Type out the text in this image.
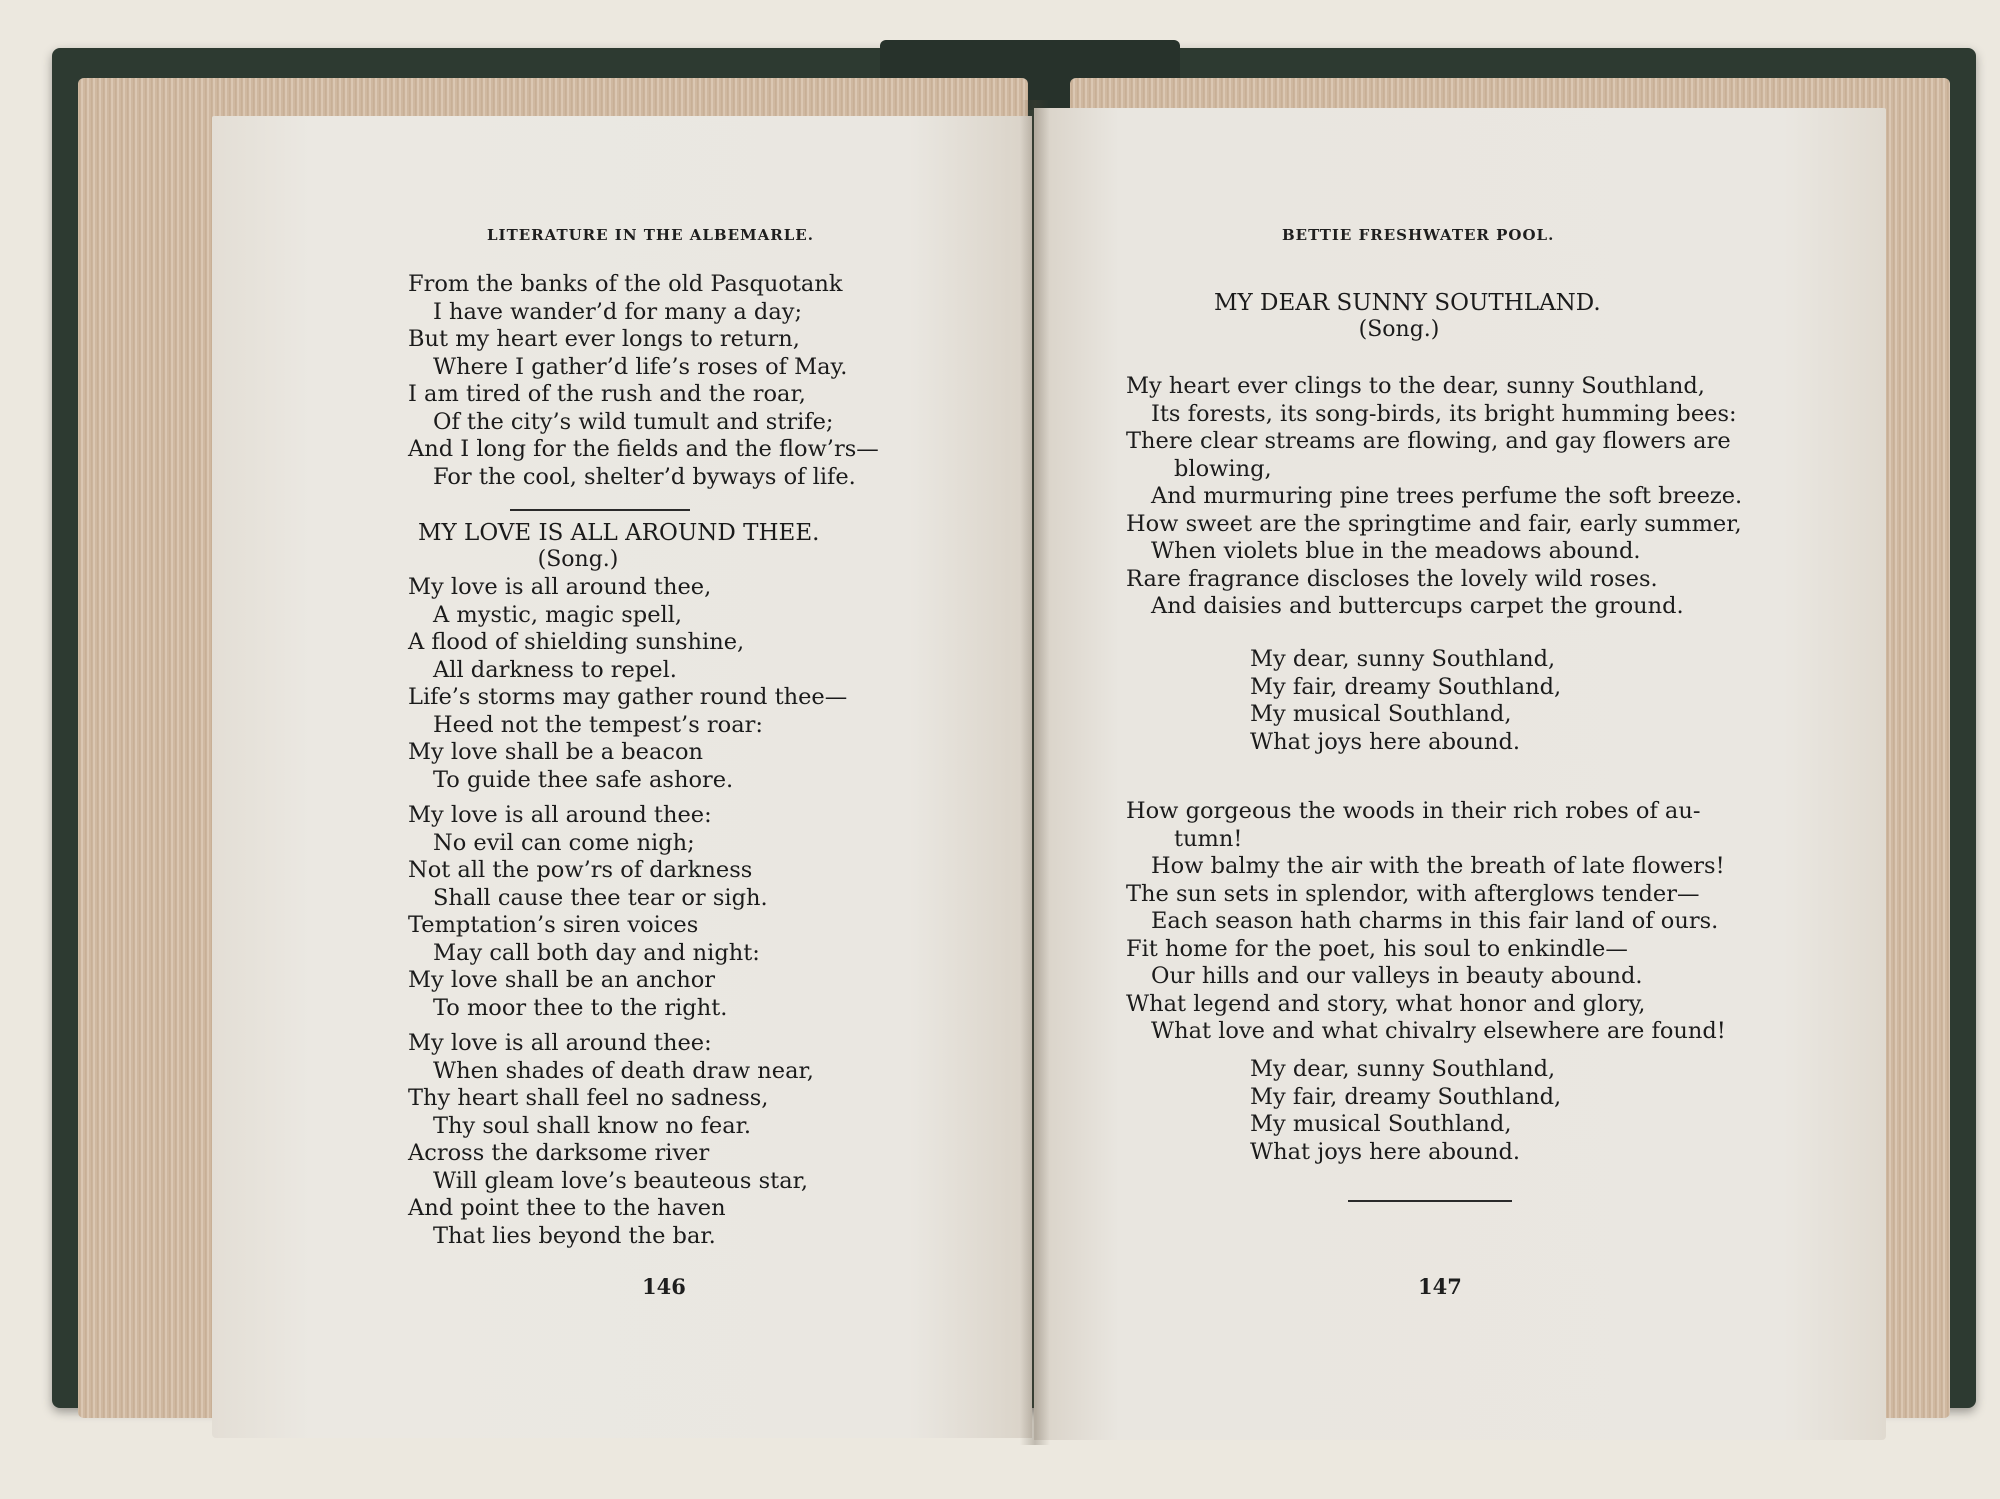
LITERATURE IN THE ALBEMARLE.
From the banks of the old Pasquotank
I have wander’d for many a day;
But my heart ever longs to return,
Where I gather’d life’s roses of May.
I am tired of the rush and the roar,
Of the city’s wild tumult and strife;
And I long for the fields and the flow’rs—
For the cool, shelter’d byways of life.
MY LOVE IS ALL AROUND THEE.
(Song.)
My love is all around thee,
A mystic, magic spell,
A flood of shielding sunshine,
All darkness to repel.
Life’s storms may gather round thee—
Heed not the tempest’s roar:
My love shall be a beacon
To guide thee safe ashore.
My love is all around thee:
No evil can come nigh;
Not all the pow’rs of darkness
Shall cause thee tear or sigh.
Temptation’s siren voices
May call both day and night:
My love shall be an anchor
To moor thee to the right.
My love is all around thee:
When shades of death draw near,
Thy heart shall feel no sadness,
Thy soul shall know no fear.
Across the darksome river
Will gleam love’s beauteous star,
And point thee to the haven
That lies beyond the bar.
146
BETTIE FRESHWATER POOL.
MY DEAR SUNNY SOUTHLAND.
(Song.)
My heart ever clings to the dear, sunny Southland,
Its forests, its song-birds, its bright humming bees:
There clear streams are flowing, and gay flowers are
blowing,
And murmuring pine trees perfume the soft breeze.
How sweet are the springtime and fair, early summer,
When violets blue in the meadows abound.
Rare fragrance discloses the lovely wild roses.
And daisies and buttercups carpet the ground.
My dear, sunny Southland,
My fair, dreamy Southland,
My musical Southland,
What joys here abound.
How gorgeous the woods in their rich robes of au-
tumn!
How balmy the air with the breath of late flowers!
The sun sets in splendor, with afterglows tender—
Each season hath charms in this fair land of ours.
Fit home for the poet, his soul to enkindle—
Our hills and our valleys in beauty abound.
What legend and story, what honor and glory,
What love and what chivalry elsewhere are found!
My dear, sunny Southland,
My fair, dreamy Southland,
My musical Southland,
What joys here abound.
147
